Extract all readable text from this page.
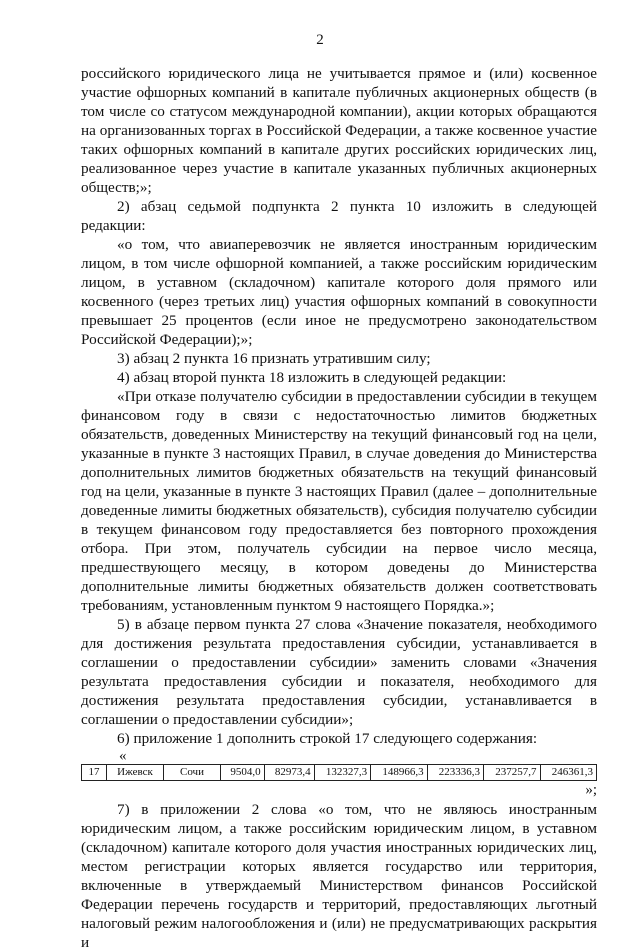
2

российского юридического лица не учитывается прямое и (или) косвенное участие офшорных компаний в капитале публичных акционерных обществ (в том числе со статусом международной компании), акции которых обращаются на организованных торгах в Российской Федерации, а также косвенное участие таких офшорных компаний в капитале других российских юридических лиц, реализованное через участие в капитале указанных публичных акционерных обществ;»;

2) абзац седьмой подпункта 2 пункта 10 изложить в следующей редакции:

«о том, что авиаперевозчик не является иностранным юридическим лицом, в том числе офшорной компанией, а также российским юридическим лицом, в уставном (складочном) капитале которого доля прямого или косвенного (через третьих лиц) участия офшорных компаний в совокупности превышает 25 процентов (если иное не предусмотрено законодательством Российской Федерации);»;

3) абзац 2 пункта 16 признать утратившим силу;

4) абзац второй пункта 18 изложить в следующей редакции:

«При отказе получателю субсидии в предоставлении субсидии в текущем финансовом году в связи с недостаточностью лимитов бюджетных обязательств, доведенных Министерству на текущий финансовый год на цели, указанные в пункте 3 настоящих Правил, в случае доведения до Министерства дополнительных лимитов бюджетных обязательств на текущий финансовый год на цели, указанные в пункте 3 настоящих Правил (далее – дополнительные доведенные лимиты бюджетных обязательств), субсидия получателю субсидии в текущем финансовом году предоставляется без повторного прохождения отбора. При этом, получатель субсидии на первое число месяца, предшествующего месяцу, в котором доведены до Министерства дополнительные лимиты бюджетных обязательств должен соответствовать требованиям, установленным пунктом 9 настоящего Порядка.»;

5) в абзаце первом пункта 27 слова «Значение показателя, необходимого для достижения результата предоставления субсидии, устанавливается в соглашении о предоставлении субсидии» заменить словами «Значения результата предоставления субсидии и показателя, необходимого для достижения результата предоставления субсидии, устанавливается в соглашении о предоставлении субсидии»;

6) приложение 1 дополнить строкой 17 следующего содержания:

«
17	Ижевск	Сочи	9504,0	82973,4	132327,3	148966,3	223336,3	237257,7	246361,3
»;

7) в приложении 2 слова «о том, что не являюсь иностранным юридическим лицом, а также российским юридическим лицом, в уставном (складочном) капитале которого доля участия иностранных юридических лиц, местом регистрации которых является государство или территория, включенные в утверждаемый Министерством финансов Российской Федерации перечень государств и территорий, предоставляющих льготный налоговый режим налогообложения и (или) не предусматривающих раскрытия и
